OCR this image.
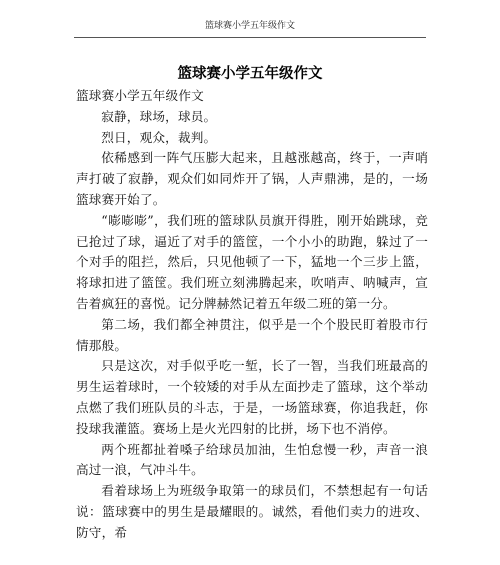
篮球赛小学五年级作文
篮球赛小学五年级作文

篮球赛小学五年级作文

寂静，球场，球员。

烈日，观众，裁判。

依稀感到一阵气压膨大起来，且越涨越高，终于，一声哨声打破了寂静，观众们如同炸开了锅，人声鼎沸，是的，一场篮球赛开始了。

“嘭嘭嘭”，我们班的篮球队员旗开得胜，刚开始跳球，竞已抢过了球，逼近了对手的篮筐，一个小小的助跑，躲过了一个对手的阻拦，然后，只见他顿了一下，猛地一个三步上篮，将球扣进了篮筐。我们班立刻沸腾起来，吹哨声、呐喊声，宣告着疯狂的喜悦。记分牌赫然记着五年级二班的第一分。

第二场，我们都全神贯注，似乎是一个个股民盯着股市行情那般。

只是这次，对手似乎吃一堑，长了一智，当我们班最高的男生运着球时，一个较矮的对手从左面抄走了篮球，这个举动点燃了我们班队员的斗志，于是，一场篮球赛，你追我赶，你投球我灌篮。赛场上是火光四射的比拼，场下也不消停。

两个班都扯着嗓子给球员加油，生怕怠慢一秒，声音一浪高过一浪，气冲斗牛。

看着球场上为班级争取第一的球员们，不禁想起有一句话说：篮球赛中的男生是最耀眼的。诚然，看他们卖力的进攻、防守，希
